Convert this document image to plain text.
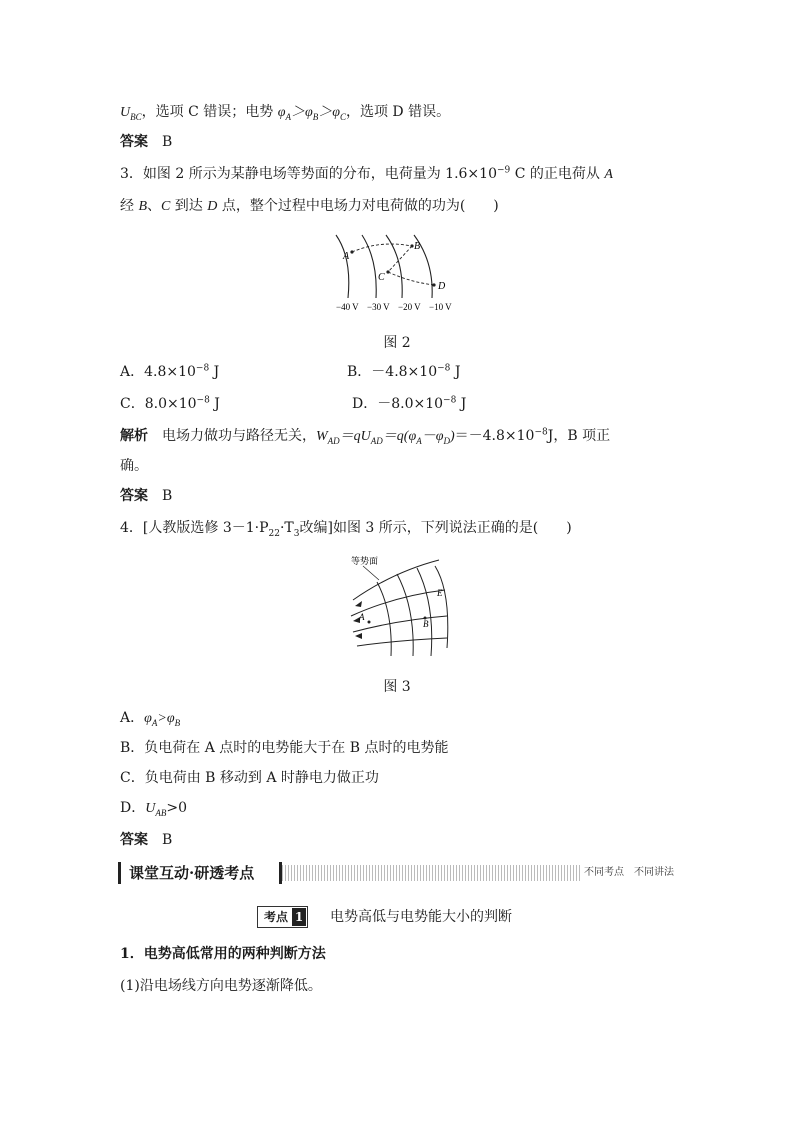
$U_{BC}$，选项 C 错误；电势 $\varphi_A>\varphi_B>\varphi_C$，选项 D 错误。
答案　 B
3．如图 2 所示为某静电场等势面的分布，电荷量为 $1.6\times 10^{-9}$ C 的正电荷从 A
经 B、C 到达 D 点，整个过程中电场力对电荷做的功为(　　)
A
B
C
D
−40 V −30 V −20 V −10 V
图 2
A．$4.8\times 10^{-8}$ J	B．$-4.8\times 10^{-8}$ J
C．$8.0\times 10^{-8}$ J	D．$-8.0\times 10^{-8}$ J
解析　电场力做功与路径无关，$W_{AD}=qU_{AD}=q(\varphi_A-\varphi_D)=-4.8\times 10^{-8}J$，B 项正
确。
答案　 B
4．[人教版选修 $3-1\cdot P_{22}\cdot T_3$改编]如图 3 所示，下列说法正确的是(　　)
等势面
A
B
E
图 3
A．$\varphi_A>\varphi_B$
B．负电荷在 A 点时的电势能大于在 B 点时的电势能
C．负电荷由 B 移动到 A 时静电力做正功
D．$U_{AB}>0$
答案　 B
课堂互动·研透考点	不同考点　不同讲法
考点 1 电势高低与电势能大小的判断
1．电势高低常用的两种判断方法
(1)沿电场线方向电势逐渐降低。
